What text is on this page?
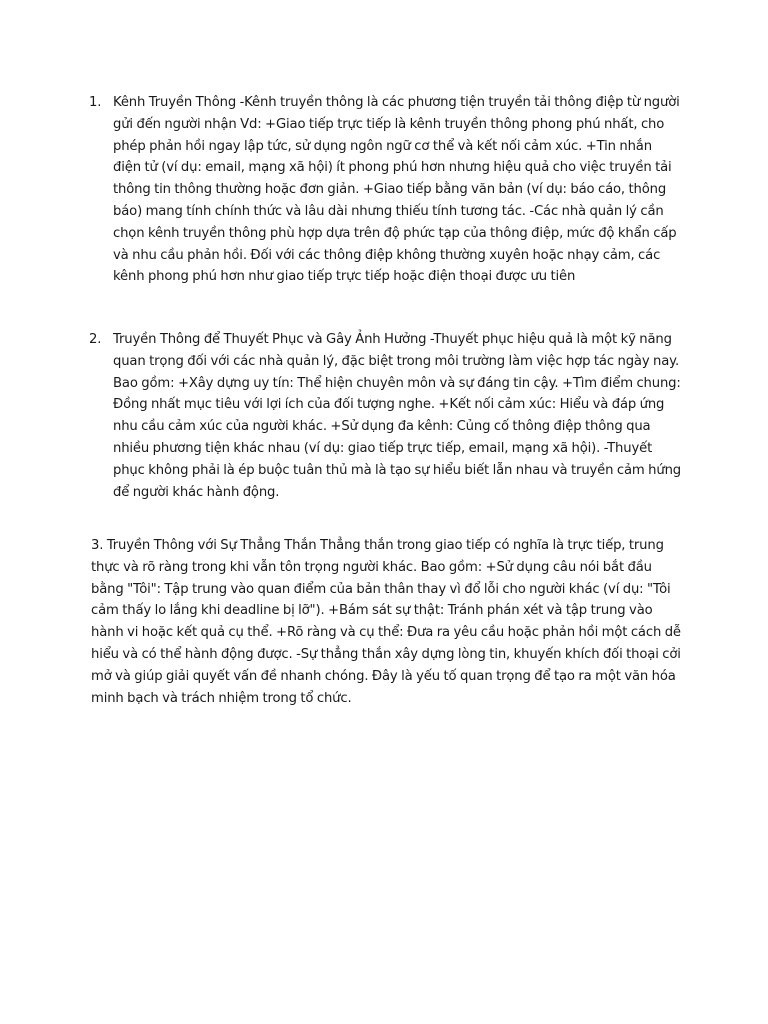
1. Kênh Truyền Thông -Kênh truyền thông là các phương tiện truyền tải thông điệp từ người gửi đến người nhận Vd: +Giao tiếp trực tiếp là kênh truyền thông phong phú nhất, cho phép phản hồi ngay lập tức, sử dụng ngôn ngữ cơ thể và kết nối cảm xúc. +Tin nhắn điện tử (ví dụ: email, mạng xã hội) ít phong phú hơn nhưng hiệu quả cho việc truyền tải thông tin thông thường hoặc đơn giản. +Giao tiếp bằng văn bản (ví dụ: báo cáo, thông báo) mang tính chính thức và lâu dài nhưng thiếu tính tương tác. -Các nhà quản lý cần chọn kênh truyền thông phù hợp dựa trên độ phức tạp của thông điệp, mức độ khẩn cấp và nhu cầu phản hồi. Đối với các thông điệp không thường xuyên hoặc nhạy cảm, các kênh phong phú hơn như giao tiếp trực tiếp hoặc điện thoại được ưu tiên
2. Truyền Thông để Thuyết Phục và Gây Ảnh Hưởng -Thuyết phục hiệu quả là một kỹ năng quan trọng đối với các nhà quản lý, đặc biệt trong môi trường làm việc hợp tác ngày nay. Bao gồm: +Xây dựng uy tín: Thể hiện chuyên môn và sự đáng tin cậy. +Tìm điểm chung: Đồng nhất mục tiêu với lợi ích của đối tượng nghe. +Kết nối cảm xúc: Hiểu và đáp ứng nhu cầu cảm xúc của người khác. +Sử dụng đa kênh: Củng cố thông điệp thông qua nhiều phương tiện khác nhau (ví dụ: giao tiếp trực tiếp, email, mạng xã hội). -Thuyết phục không phải là ép buộc tuân thủ mà là tạo sự hiểu biết lẫn nhau và truyền cảm hứng để người khác hành động.
3. Truyền Thông với Sự Thẳng Thắn Thẳng thắn trong giao tiếp có nghĩa là trực tiếp, trung thực và rõ ràng trong khi vẫn tôn trọng người khác. Bao gồm: +Sử dụng câu nói bắt đầu bằng "Tôi": Tập trung vào quan điểm của bản thân thay vì đổ lỗi cho người khác (ví dụ: "Tôi cảm thấy lo lắng khi deadline bị lỡ"). +Bám sát sự thật: Tránh phán xét và tập trung vào hành vi hoặc kết quả cụ thể. +Rõ ràng và cụ thể: Đưa ra yêu cầu hoặc phản hồi một cách dễ hiểu và có thể hành động được. -Sự thẳng thắn xây dựng lòng tin, khuyến khích đối thoại cởi mở và giúp giải quyết vấn đề nhanh chóng. Đây là yếu tố quan trọng để tạo ra một văn hóa minh bạch và trách nhiệm trong tổ chức.
